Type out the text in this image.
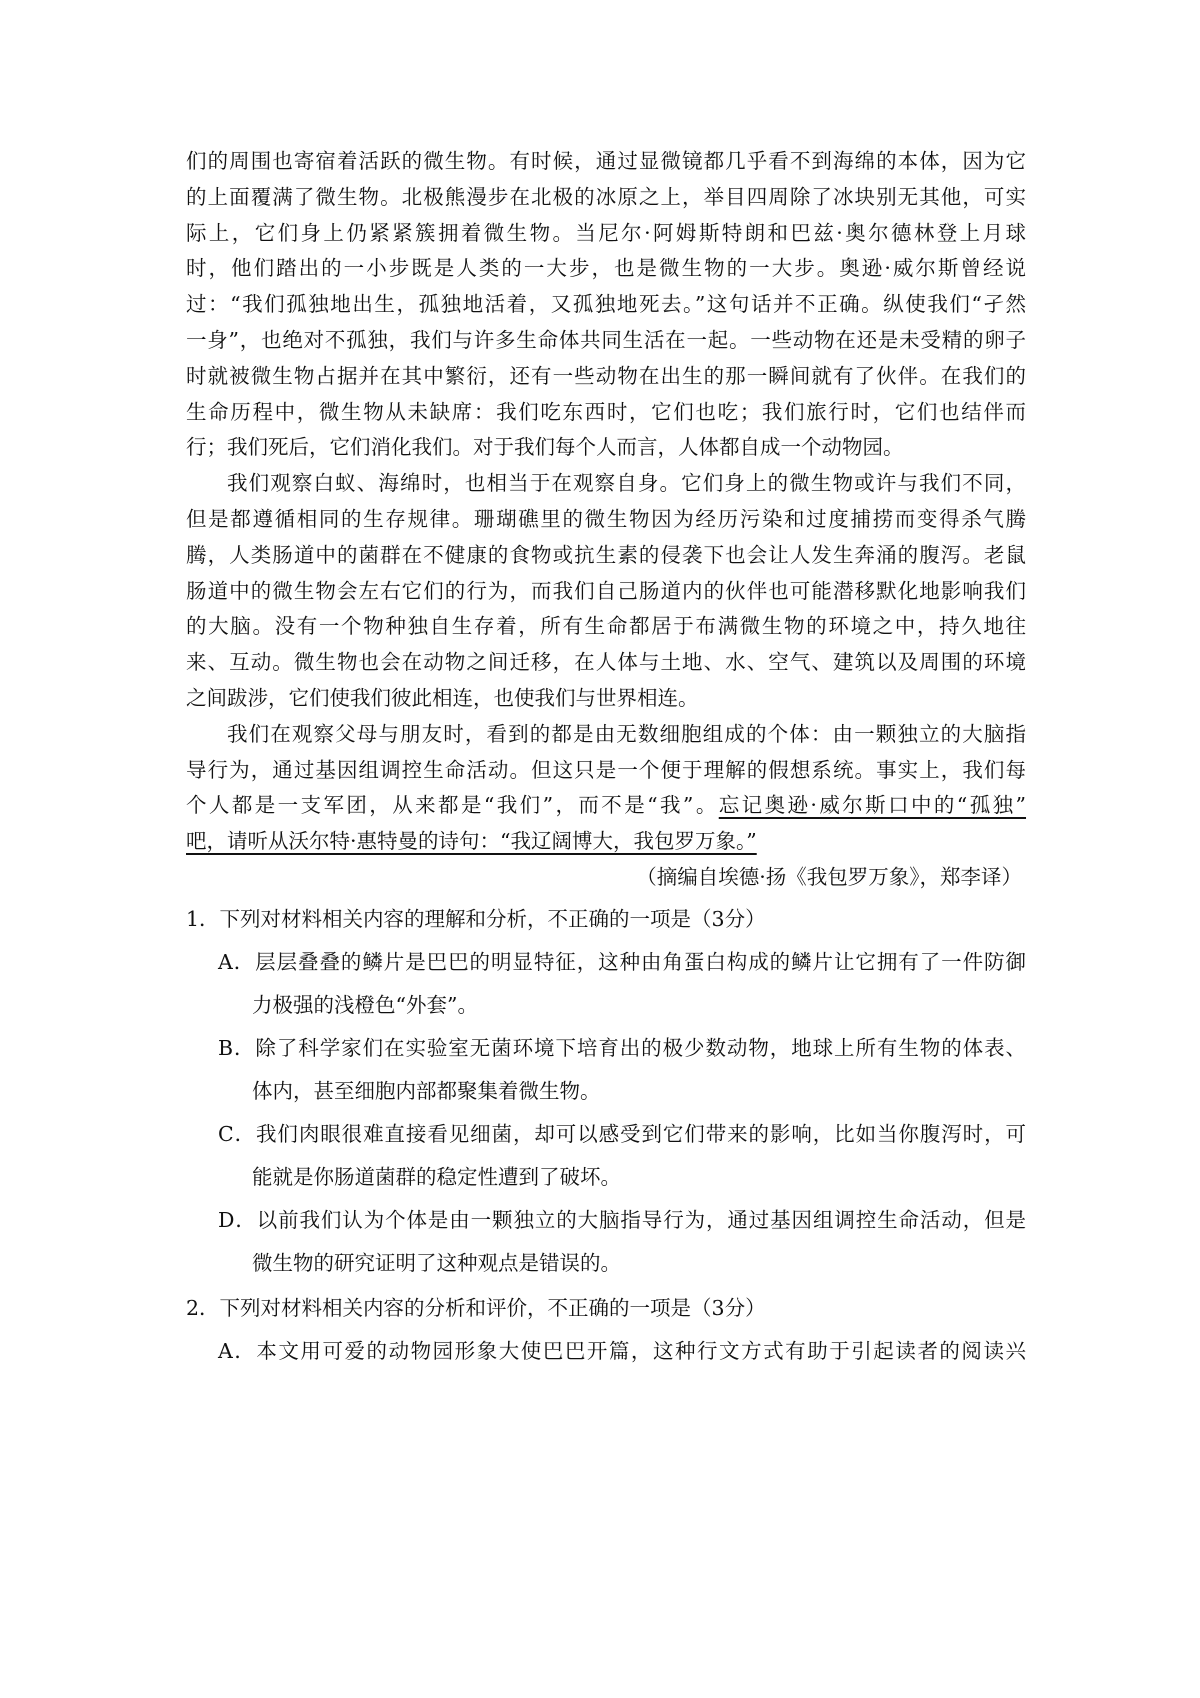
们的周围也寄宿着活跃的微生物。有时候，通过显微镜都几乎看不到海绵的本体，因为它
的上面覆满了微生物。北极熊漫步在北极的冰原之上，举目四周除了冰块别无其他，可实
际上，它们身上仍紧紧簇拥着微生物。当尼尔·阿姆斯特朗和巴兹·奥尔德林登上月球
时，他们踏出的一小步既是人类的一大步，也是微生物的一大步。奥逊·威尔斯曾经说
过：“我们孤独地出生，孤独地活着，又孤独地死去。”这句话并不正确。纵使我们“孑然
一身”，也绝对不孤独，我们与许多生命体共同生活在一起。一些动物在还是未受精的卵子
时就被微生物占据并在其中繁衍，还有一些动物在出生的那一瞬间就有了伙伴。在我们的
生命历程中，微生物从未缺席：我们吃东西时，它们也吃；我们旅行时，它们也结伴而
行；我们死后，它们消化我们。对于我们每个人而言，人体都自成一个动物园。
我们观察白蚁、海绵时，也相当于在观察自身。它们身上的微生物或许与我们不同，
但是都遵循相同的生存规律。珊瑚礁里的微生物因为经历污染和过度捕捞而变得杀气腾
腾，人类肠道中的菌群在不健康的食物或抗生素的侵袭下也会让人发生奔涌的腹泻。老鼠
肠道中的微生物会左右它们的行为，而我们自己肠道内的伙伴也可能潜移默化地影响我们
的大脑。没有一个物种独自生存着，所有生命都居于布满微生物的环境之中，持久地往
来、互动。微生物也会在动物之间迁移，在人体与土地、水、空气、建筑以及周围的环境
之间跋涉，它们使我们彼此相连，也使我们与世界相连。
我们在观察父母与朋友时，看到的都是由无数细胞组成的个体：由一颗独立的大脑指
导行为，通过基因组调控生命活动。但这只是一个便于理解的假想系统。事实上，我们每
个人都是一支军团，从来都是“我们”，而不是“我”。忘记奥逊·威尔斯口中的“孤独”
吧，请听从沃尔特·惠特曼的诗句：“我辽阔博大，我包罗万象。”
（摘编自埃德·扬《我包罗万象》，郑李译）
1．下列对材料相关内容的理解和分析，不正确的一项是（3分）
A．层层叠叠的鳞片是巴巴的明显特征，这种由角蛋白构成的鳞片让它拥有了一件防御
力极强的浅橙色“外套”。
B．除了科学家们在实验室无菌环境下培育出的极少数动物，地球上所有生物的体表、
体内，甚至细胞内部都聚集着微生物。
C．我们肉眼很难直接看见细菌，却可以感受到它们带来的影响，比如当你腹泻时，可
能就是你肠道菌群的稳定性遭到了破坏。
D．以前我们认为个体是由一颗独立的大脑指导行为，通过基因组调控生命活动，但是
微生物的研究证明了这种观点是错误的。
2．下列对材料相关内容的分析和评价，不正确的一项是（3分）
A．本文用可爱的动物园形象大使巴巴开篇，这种行文方式有助于引起读者的阅读兴
